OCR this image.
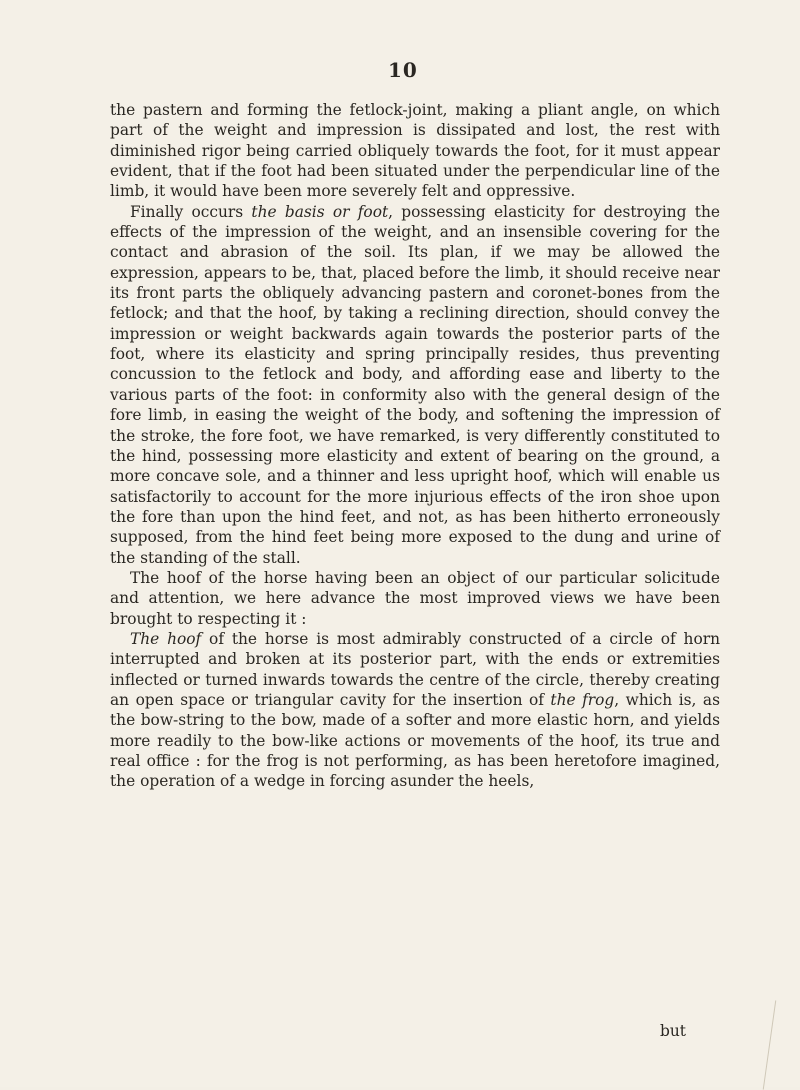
10

the pastern and forming the fetlock-joint, making a pliant angle, on which part of the weight and impression is dissipated and lost, the rest with diminished rigor being carried obliquely towards the foot, for it must appear evident, that if the foot had been situated under the perpendicular line of the limb, it would have been more severely felt and oppressive.

Finally occurs the basis or foot, possessing elasticity for destroying the effects of the impression of the weight, and an insensible covering for the contact and abrasion of the soil. Its plan, if we may be allowed the expression, appears to be, that, placed before the limb, it should receive near its front parts the obliquely advancing pastern and coronet-bones from the fetlock; and that the hoof, by taking a reclining direction, should convey the impression or weight backwards again towards the posterior parts of the foot, where its elasticity and spring principally resides, thus preventing concussion to the fetlock and body, and affording ease and liberty to the various parts of the foot: in conformity also with the general design of the fore limb, in easing the weight of the body, and softening the impression of the stroke, the fore foot, we have remarked, is very differently constituted to the hind, possessing more elasticity and extent of bearing on the ground, a more concave sole, and a thinner and less upright hoof, which will enable us satisfactorily to account for the more injurious effects of the iron shoe upon the fore than upon the hind feet, and not, as has been hitherto erroneously supposed, from the hind feet being more exposed to the dung and urine of the standing of the stall.

The hoof of the horse having been an object of our particular solicitude and attention, we here advance the most improved views we have been brought to respecting it :

The hoof of the horse is most admirably constructed of a circle of horn interrupted and broken at its posterior part, with the ends or extremities inflected or turned inwards towards the centre of the circle, thereby creating an open space or triangular cavity for the insertion of the frog, which is, as the bow-string to the bow, made of a softer and more elastic horn, and yields more readily to the bow-like actions or movements of the hoof, its true and real office : for the frog is not performing, as has been heretofore imagined, the operation of a wedge in forcing asunder the heels,

but
